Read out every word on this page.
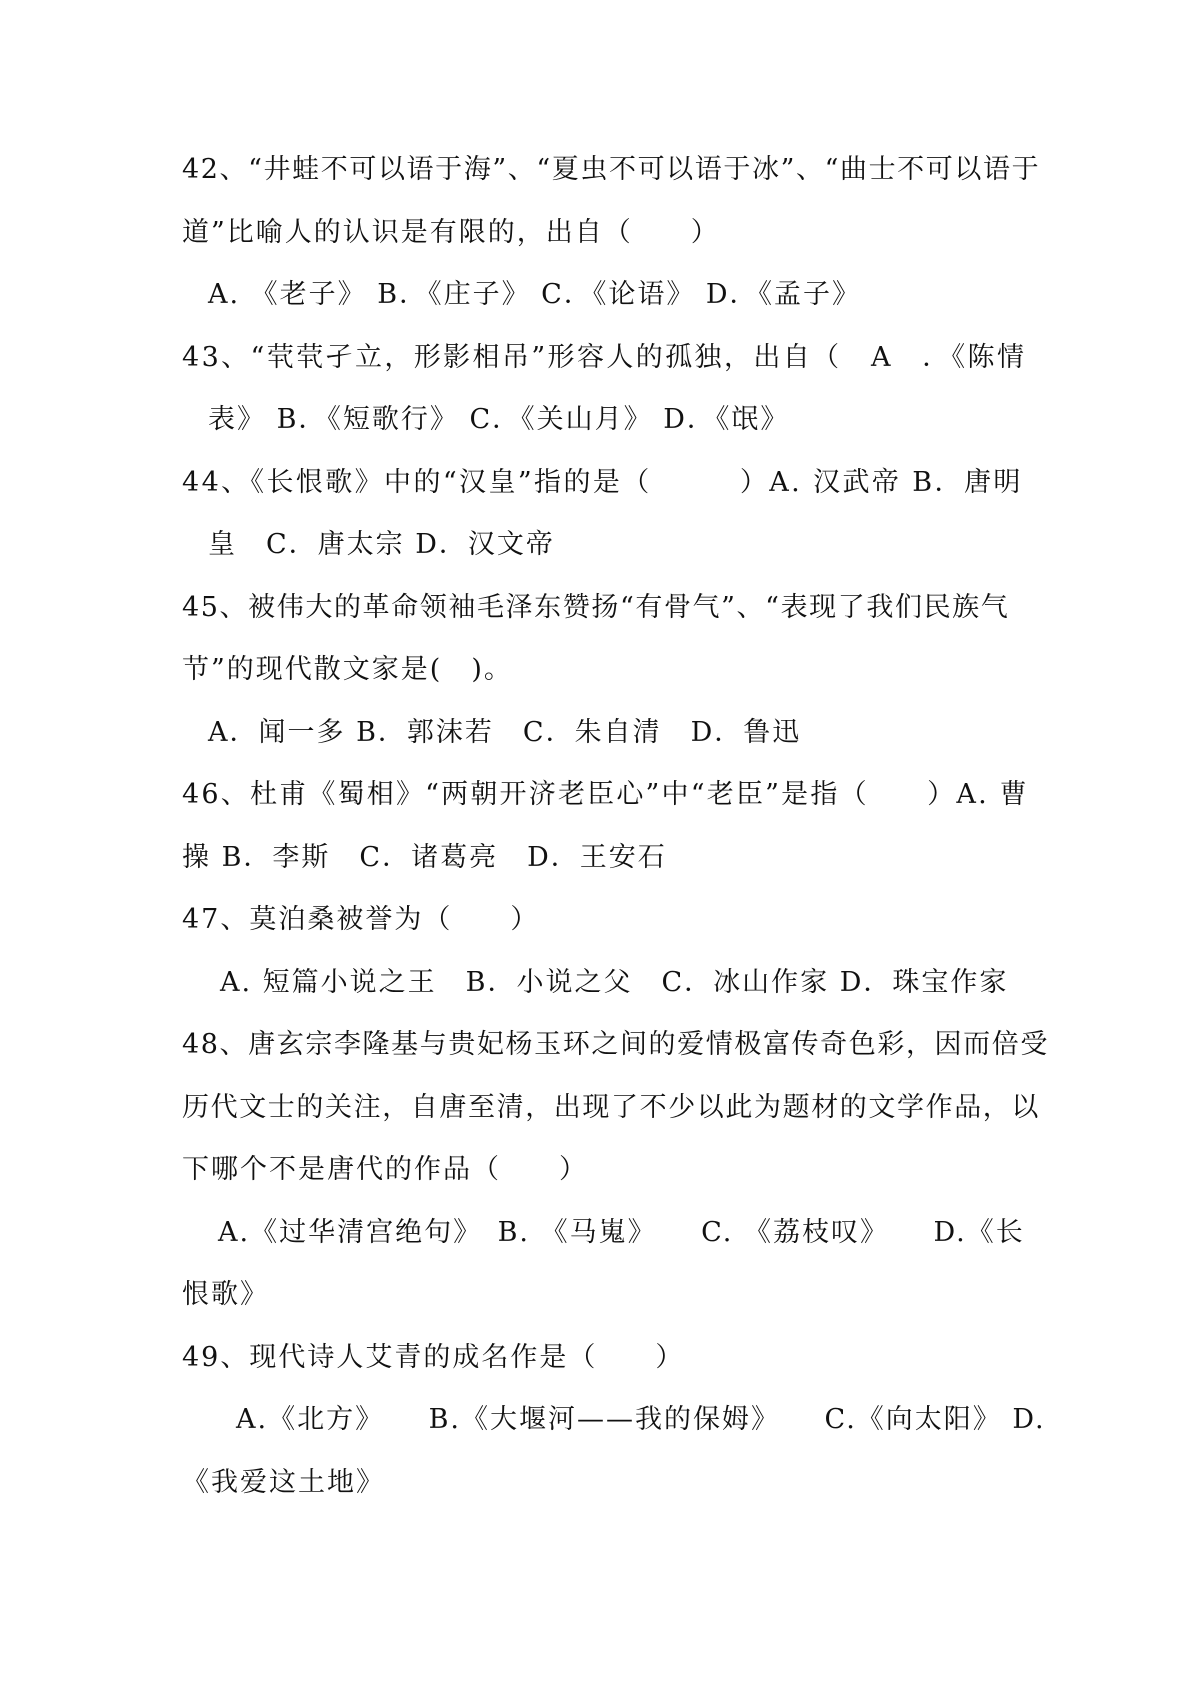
42、“井蛙不可以语于海”、“夏虫不可以语于冰”、“曲士不可以语于
道”比喻人的认识是有限的，出自（　　）
A. 《老子》 B．《庄子》 C．《论语》 D．《孟子》
43、“茕茕孑立，形影相吊”形容人的孤独，出自（　A　．《陈情
表》 B．《短歌行》 C．《关山月》 D．《氓》
44、《长恨歌》中的“汉皇”指的是（　　　）A. 汉武帝 B．唐明
皇　C．唐太宗 D．汉文帝
45、被伟大的革命领袖毛泽东赞扬“有骨气”、“表现了我们民族气
节”的现代散文家是(　)。
A．闻一多 B．郭沫若　C．朱自清　D．鲁迅
46、杜甫《蜀相》“两朝开济老臣心”中“老臣”是指（　　）A. 曹
操 B．李斯　C．诸葛亮　D．王安石
47、莫泊桑被誉为（　　）
A. 短篇小说之王　B．小说之父　C．冰山作家 D．珠宝作家
48、唐玄宗李隆基与贵妃杨玉环之间的爱情极富传奇色彩，因而倍受
历代文士的关注，自唐至清，出现了不少以此为题材的文学作品，以
下哪个不是唐代的作品（　　）
A.《过华清宫绝句》　B. 《马嵬》　　C. 《荔枝叹》　　D.《长
恨歌》
49、现代诗人艾青的成名作是（　　）
A.《北方》　　B.《大堰河——我的保姆》　　C.《向太阳》 D.
《我爱这土地》
